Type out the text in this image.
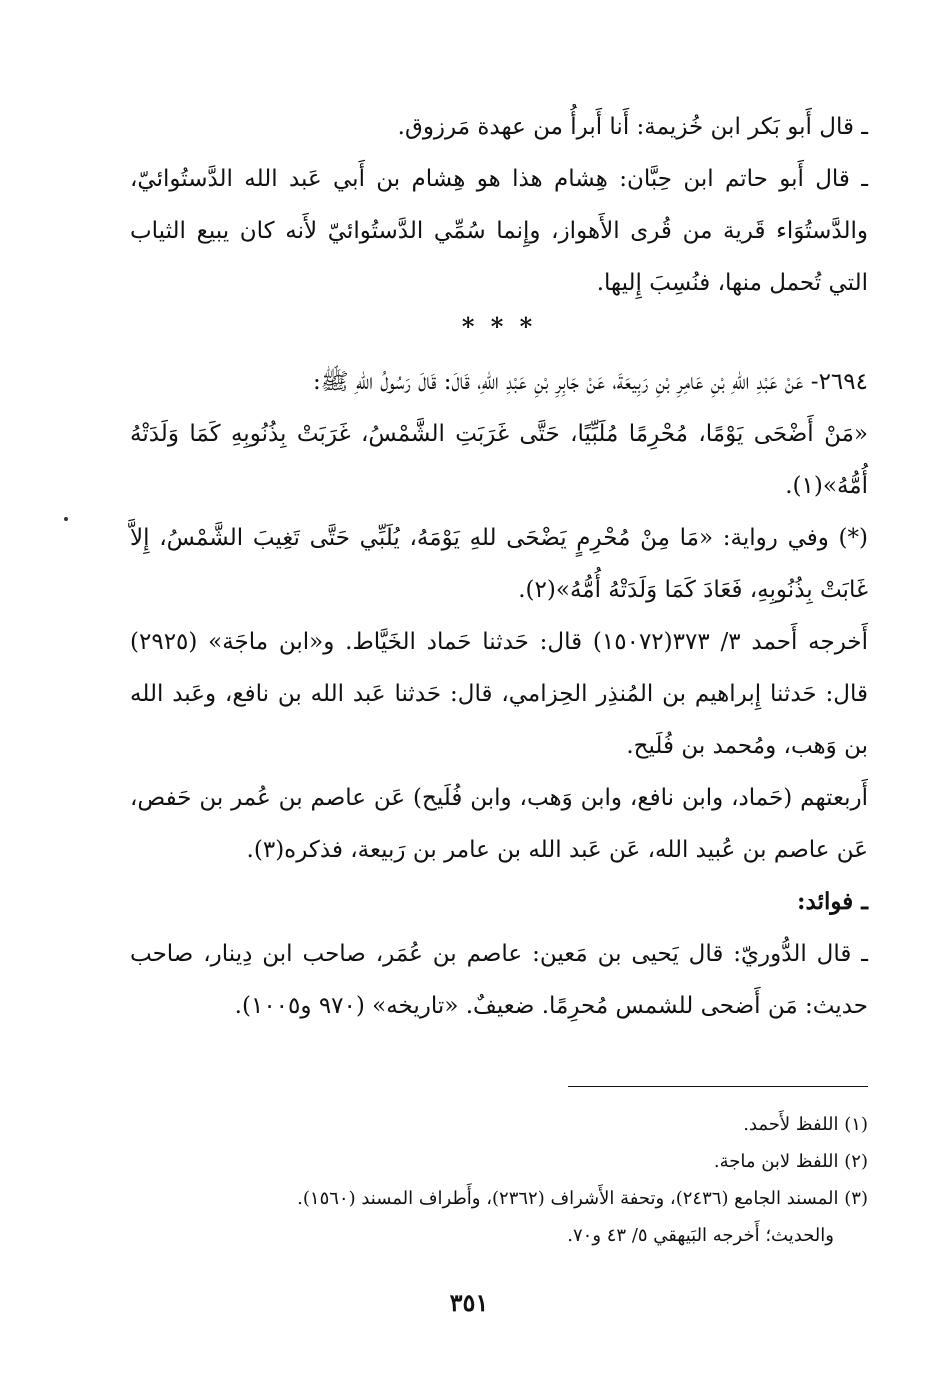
ـ قال أَبو بَكر ابن خُزيمة: أَنا أَبرأُ من عهدة مَرزوق.

ـ قال أَبو حاتم ابن حِبَّان: هِشام هذا هو هِشام بن أَبي عَبد الله الدَّستُوائيّ، والدَّستُوَاء قَرية من قُرى الأَهواز، وإِنما سُمِّي الدَّستُوائيّ لأَنه كان يبيع الثياب التي تُحمل منها، فنُسِبَ إِليها.

* * *

٢٦٩٤- عَنْ عَبْدِ اللهِ بْنِ عَامِرِ بْنِ رَبِيعَةَ، عَنْ جَابِرِ بْنِ عَبْدِ اللهِ، قَالَ: قَالَ رَسُولُ اللهِ ﷺ:

«مَنْ أَضْحَى يَوْمًا، مُحْرِمًا مُلَبِّيًا، حَتَّى غَرَبَتِ الشَّمْسُ، غَرَبَتْ بِذُنُوبِهِ كَمَا وَلَدَتْهُ أُمُّهُ»(١).

(*) وفي رواية: «مَا مِنْ مُحْرِمٍ يَضْحَى للهِ يَوْمَهُ، يُلَبِّي حَتَّى تَغِيبَ الشَّمْسُ، إِلاَّ غَابَتْ بِذُنُوبِهِ، فَعَادَ كَمَا وَلَدَتْهُ أُمُّهُ»(٢).

أَخرجه أَحمد ٣/ ٣٧٣(١٥٠٧٢) قال: حَدثنا حَماد الخَيَّاط. و«ابن ماجَة» (٢٩٢٥) قال: حَدثنا إِبراهيم بن المُنذِر الحِزامي، قال: حَدثنا عَبد الله بن نافع، وعَبد الله بن وَهب، ومُحمد بن فُلَيح.

أَربعتهم (حَماد، وابن نافع، وابن وَهب، وابن فُلَيح) عَن عاصم بن عُمر بن حَفص، عَن عاصم بن عُبيد الله، عَن عَبد الله بن عامر بن رَبيعة، فذكره(٣).

ـ فوائد:

ـ قال الدُّوريّ: قال يَحيى بن مَعين: عاصم بن عُمَر، صاحب ابن دِينار، صاحب حديث: مَن أَضحى للشمس مُحرِمًا. ضعيفٌ. «تاريخه» (٩٧٠ و١٠٠٥).

(١) اللفظ لأَحمد.

(٢) اللفظ لابن ماجة.

(٣) المسند الجامع (٢٤٣٦)، وتحفة الأَشراف (٢٣٦٢)، وأَطراف المسند (١٥٦٠).

والحديث؛ أَخرجه البَيهقي ٥/ ٤٣ و٧٠.

٣٥١
